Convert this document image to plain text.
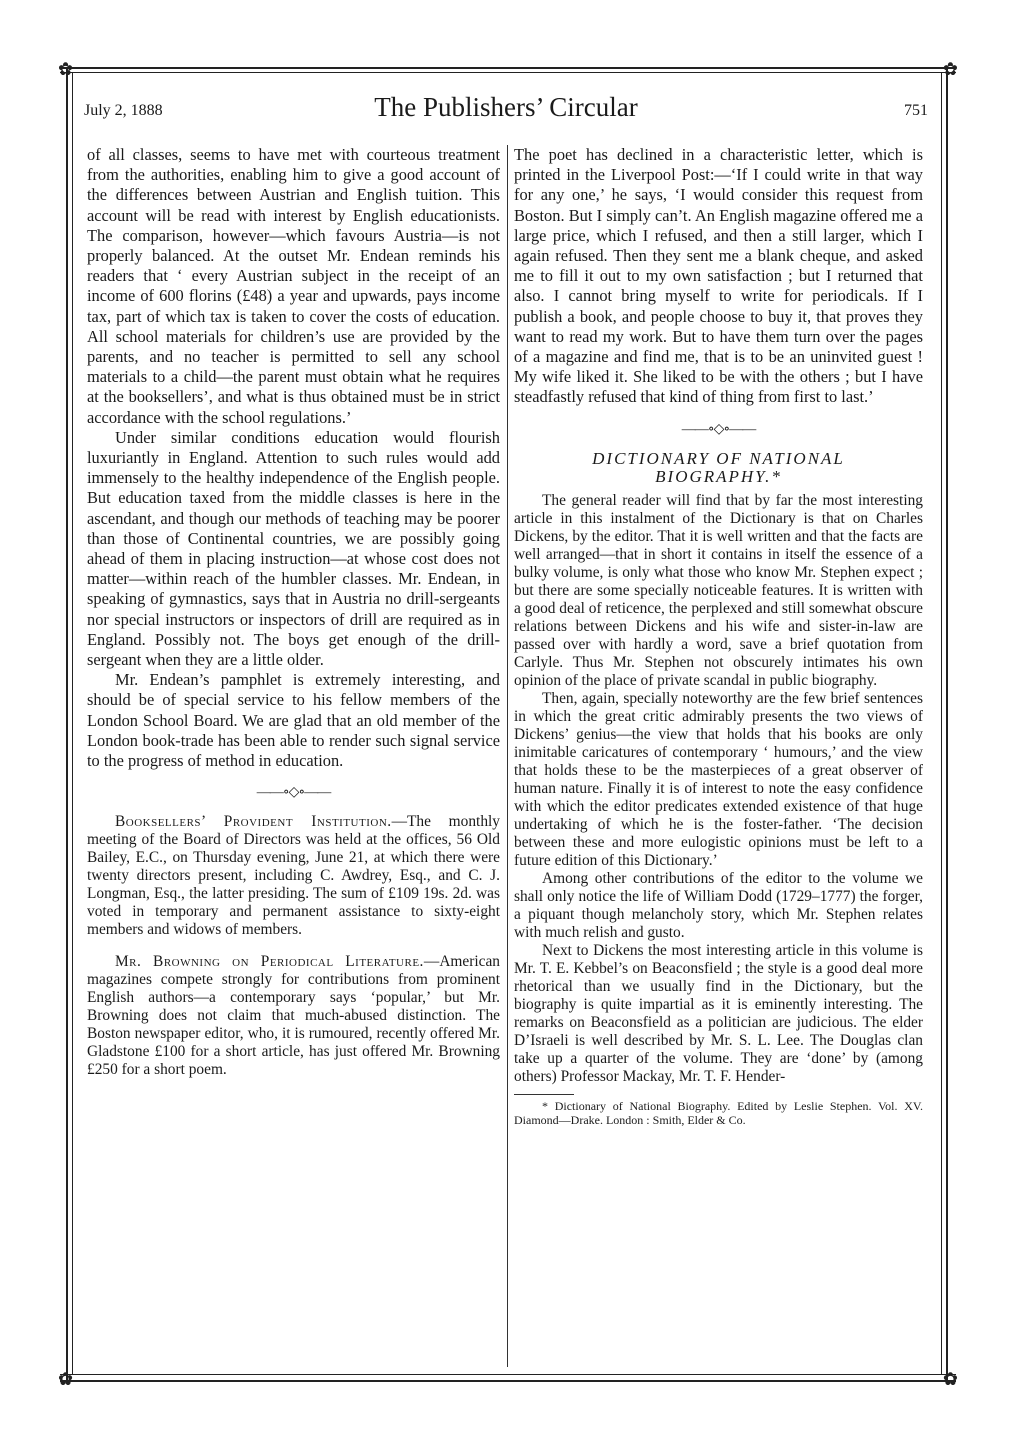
✿	✿
✿	✿
July 2, 1888	The Publishers’ Circular	751

of all classes, seems to have met with courteous treatment from the authorities, enabling him to give a good account of the differences between Austrian and English tuition. This account will be read with interest by English educationists. The comparison, however—which favours Austria—is not properly balanced. At the outset Mr. Endean reminds his readers that ‘ every Austrian subject in the receipt of an income of 600 florins (£48) a year and upwards, pays income tax, part of which tax is taken to cover the costs of education. All school materials for children’s use are provided by the parents, and no teacher is permitted to sell any school materials to a child—the parent must obtain what he requires at the booksellers’, and what is thus obtained must be in strict accordance with the school regulations.’

Under similar conditions education would flourish luxuriantly in England. Attention to such rules would add immensely to the healthy independence of the English people. But education taxed from the middle classes is here in the ascendant, and though our methods of teaching may be poorer than those of Continental countries, we are possibly going ahead of them in placing instruction—at whose cost does not matter—within reach of the humbler classes. Mr. Endean, in speaking of gymnastics, says that in Austria no drill-sergeants nor special instructors or inspectors of drill are required as in England. Possibly not. The boys get enough of the drill-sergeant when they are a little older.

Mr. Endean’s pamphlet is extremely interesting, and should be of special service to his fellow members of the London School Board. We are glad that an old member of the London book-trade has been able to render such signal service to the progress of method in education.

——∘◇∘——

Booksellers’ Provident Institution.—The monthly meeting of the Board of Directors was held at the offices, 56 Old Bailey, E.C., on Thursday evening, June 21, at which there were twenty directors present, including C. Awdrey, Esq., and C. J. Longman, Esq., the latter presiding. The sum of £109 19s. 2d. was voted in temporary and permanent assistance to sixty-eight members and widows of members.

Mr. Browning on Periodical Literature.—American magazines compete strongly for contributions from prominent English authors—a contemporary says ‘popular,’ but Mr. Browning does not claim that much-abused distinction. The Boston newspaper editor, who, it is rumoured, recently offered Mr. Gladstone £100 for a short article, has just offered Mr. Browning £250 for a short poem.

The poet has declined in a characteristic letter, which is printed in the Liverpool Post:—‘If I could write in that way for any one,’ he says, ‘I would consider this request from Boston. But I simply can’t. An English magazine offered me a large price, which I refused, and then a still larger, which I again refused. Then they sent me a blank cheque, and asked me to fill it out to my own satisfaction ; but I returned that also. I cannot bring myself to write for periodicals. If I publish a book, and people choose to buy it, that proves they want to read my work. But to have them turn over the pages of a magazine and find me, that is to be an uninvited guest ! My wife liked it. She liked to be with the others ; but I have steadfastly refused that kind of thing from first to last.’

——∘◇∘——
DICTIONARY OF NATIONAL
BIOGRAPHY.*

The general reader will find that by far the most interesting article in this instalment of the Dictionary is that on Charles Dickens, by the editor. That it is well written and that the facts are well arranged—that in short it contains in itself the essence of a bulky volume, is only what those who know Mr. Stephen expect ; but there are some specially noticeable features. It is written with a good deal of reticence, the perplexed and still somewhat obscure relations between Dickens and his wife and sister-in-law are passed over with hardly a word, save a brief quotation from Carlyle. Thus Mr. Stephen not obscurely intimates his own opinion of the place of private scandal in public biography.

Then, again, specially noteworthy are the few brief sentences in which the great critic admirably presents the two views of Dickens’ genius—the view that holds that his books are only inimitable caricatures of contemporary ‘ humours,’ and the view that holds these to be the masterpieces of a great observer of human nature. Finally it is of interest to note the easy confidence with which the editor predicates extended existence of that huge undertaking of which he is the foster-father. ‘The decision between these and more eulogistic opinions must be left to a future edition of this Dictionary.’

Among other contributions of the editor to the volume we shall only notice the life of William Dodd (1729–1777) the forger, a piquant though melancholy story, which Mr. Stephen relates with much relish and gusto.

Next to Dickens the most interesting article in this volume is Mr. T. E. Kebbel’s on Beaconsfield ; the style is a good deal more rhetorical than we usually find in the Dictionary, but the biography is quite impartial as it is eminently interesting. The remarks on Beaconsfield as a politician are judicious. The elder D’Israeli is well described by Mr. S. L. Lee. The Douglas clan take up a quarter of the volume. They are ‘done’ by (among others) Professor Mackay, Mr. T. F. Hender-

* Dictionary of National Biography. Edited by Leslie Stephen. Vol. XV. Diamond—Drake. London : Smith, Elder & Co.
